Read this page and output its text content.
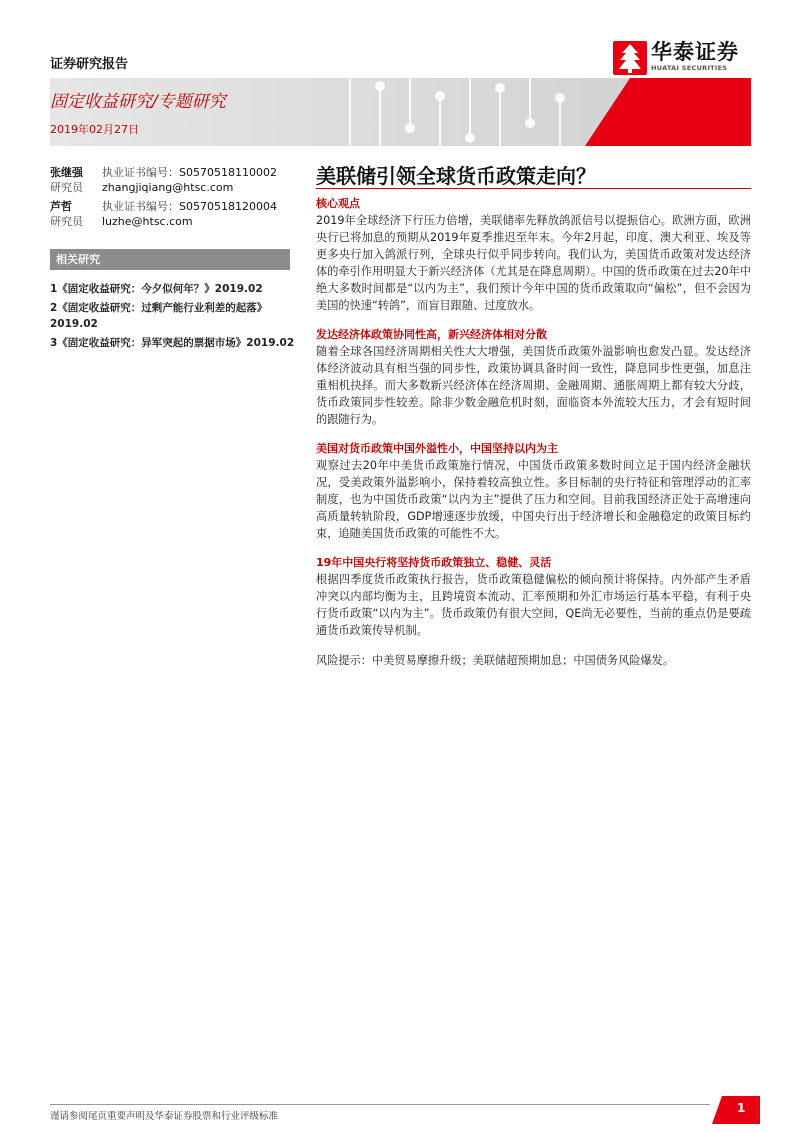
证券研究报告
华泰证券
HUATAI SECURITIES
固定收益研究/专题研究
2019年02月27日
张继强 执业证书编号：S0570518110002
研究员 zhangjiqiang@htsc.com
芦哲	执业证书编号：S0570518120004
研究员 luzhe@htsc.com
相关研究
1《固定收益研究：今夕似何年？》2019.02
2《固定收益研究：过剩产能行业利差的起落》2019.02
3《固定收益研究：异军突起的票据市场》2019.02
美联储引领全球货币政策走向？

核心观点

2019年全球经济下行压力倍增，美联储率先释放鸽派信号以提振信心。欧洲方面，欧洲央行已将加息的预期从2019年夏季推迟至年末。今年2月起，印度、澳大利亚、埃及等更多央行加入鸽派行列，全球央行似乎同步转向。我们认为，美国货币政策对发达经济体的牵引作用明显大于新兴经济体（尤其是在降息周期）。中国的货币政策在过去20年中绝大多数时间都是“以内为主”，我们预计今年中国的货币政策取向“偏松”，但不会因为美国的快速“转鸽”，而盲目跟随、过度放水。

发达经济体政策协同性高，新兴经济体相对分散

随着全球各国经济周期相关性大大增强，美国货币政策外溢影响也愈发凸显。发达经济体经济波动具有相当强的同步性，政策协调具备时间一致性，降息同步性更强，加息注重相机抉择。而大多数新兴经济体在经济周期、金融周期、通胀周期上都有较大分歧，货币政策同步性较差。除非少数金融危机时刻，面临资本外流较大压力，才会有短时间的跟随行为。

美国对货币政策中国外溢性小，中国坚持以内为主

观察过去20年中美货币政策施行情况，中国货币政策多数时间立足于国内经济金融状况，受美政策外溢影响小，保持着较高独立性。多目标制的央行特征和管理浮动的汇率制度，也为中国货币政策“以内为主”提供了压力和空间。目前我国经济正处于高增速向高质量转轨阶段，GDP增速逐步放缓，中国央行出于经济增长和金融稳定的政策目标约束，追随美国货币政策的可能性不大。

19年中国央行将坚持货币政策独立、稳健、灵活

根据四季度货币政策执行报告，货币政策稳健偏松的倾向预计将保持。内外部产生矛盾冲突以内部均衡为主，且跨境资本流动、汇率预期和外汇市场运行基本平稳，有利于央行货币政策“以内为主”。货币政策仍有很大空间，QE尚无必要性，当前的重点仍是要疏通货币政策传导机制。

风险提示：中美贸易摩擦升级；美联储超预期加息；中国债务风险爆发。

谨请参阅尾页重要声明及华泰证券股票和行业评级标准
1
